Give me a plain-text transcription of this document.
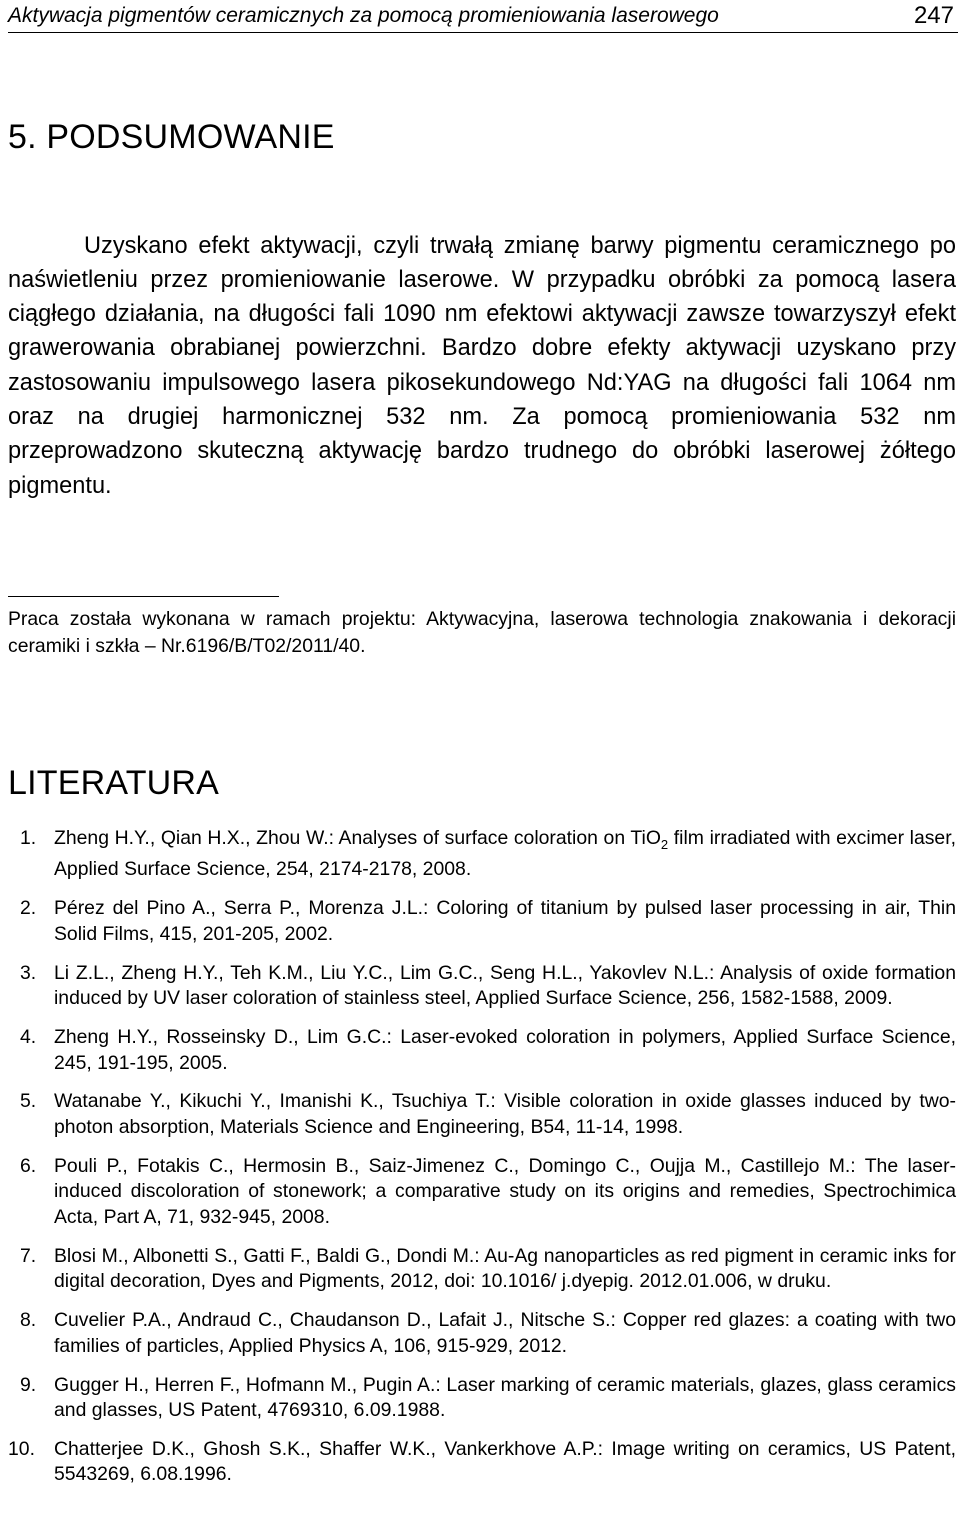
Aktywacja pigmentów ceramicznych za pomocą promieniowania laserowego	247
5. PODSUMOWANIE

Uzyskano efekt aktywacji, czyli trwałą zmianę barwy pigmentu ceramicznego po naświetleniu przez promieniowanie laserowe. W przypadku obróbki za pomocą lasera ciągłego działania, na długości fali 1090 nm efektowi aktywacji zawsze towarzyszył efekt grawerowania obrabianej powierzchni. Bardzo dobre efekty aktywacji uzyskano przy zastosowaniu impulsowego lasera pikosekundowego Nd:YAG na długości fali 1064 nm oraz na drugiej harmonicznej 532 nm. Za pomocą promieniowania 532 nm przeprowadzono skuteczną aktywację bardzo trudnego do obróbki laserowej żółtego pigmentu.

Praca została wykonana w ramach projektu: Aktywacyjna, laserowa technologia znakowania i dekoracji ceramiki i szkła – Nr.6196/B/T02/2011/40.

LITERATURA
1. Zheng H.Y., Qian H.X., Zhou W.: Analyses of surface coloration on TiO$_2$ film irradiated with excimer laser, Applied Surface Science, 254, 2174-2178, 2008.
2. Pérez del Pino A., Serra P., Morenza J.L.: Coloring of titanium by pulsed laser processing in air, Thin Solid Films, 415, 201-205, 2002.
3. Li Z.L., Zheng H.Y., Teh K.M., Liu Y.C., Lim G.C., Seng H.L., Yakovlev N.L.: Analysis of oxide formation induced by UV laser coloration of stainless steel, Applied Surface Science, 256, 1582-1588, 2009.
4. Zheng H.Y., Rosseinsky D., Lim G.C.: Laser-evoked coloration in polymers, Applied Surface Science, 245, 191-195, 2005.
5. Watanabe Y., Kikuchi Y., Imanishi K., Tsuchiya T.: Visible coloration in oxide glasses induced by two-photon absorption, Materials Science and Engineering, B54, 11-14, 1998.
6. Pouli P., Fotakis C., Hermosin B., Saiz-Jimenez C., Domingo C., Oujja M., Castillejo M.: The laser-induced discoloration of stonework; a comparative study on its origins and remedies, Spectrochimica Acta, Part A, 71, 932-945, 2008.
7. Blosi M., Albonetti S., Gatti F., Baldi G., Dondi M.: Au-Ag nanoparticles as red pigment in ceramic inks for digital decoration, Dyes and Pigments, 2012, doi: 10.1016/ j.dyepig. 2012.01.006, w druku.
8. Cuvelier P.A., Andraud C., Chaudanson D., Lafait J., Nitsche S.: Copper red glazes: a coating with two families of particles, Applied Physics A, 106, 915-929, 2012.
9. Gugger H., Herren F., Hofmann M., Pugin A.: Laser marking of ceramic materials, glazes, glass ceramics and glasses, US Patent, 4769310, 6.09.1988.
10. Chatterjee D.K., Ghosh S.K., Shaffer W.K., Vankerkhove A.P.: Image writing on ceramics, US Patent, 5543269, 6.08.1996.
